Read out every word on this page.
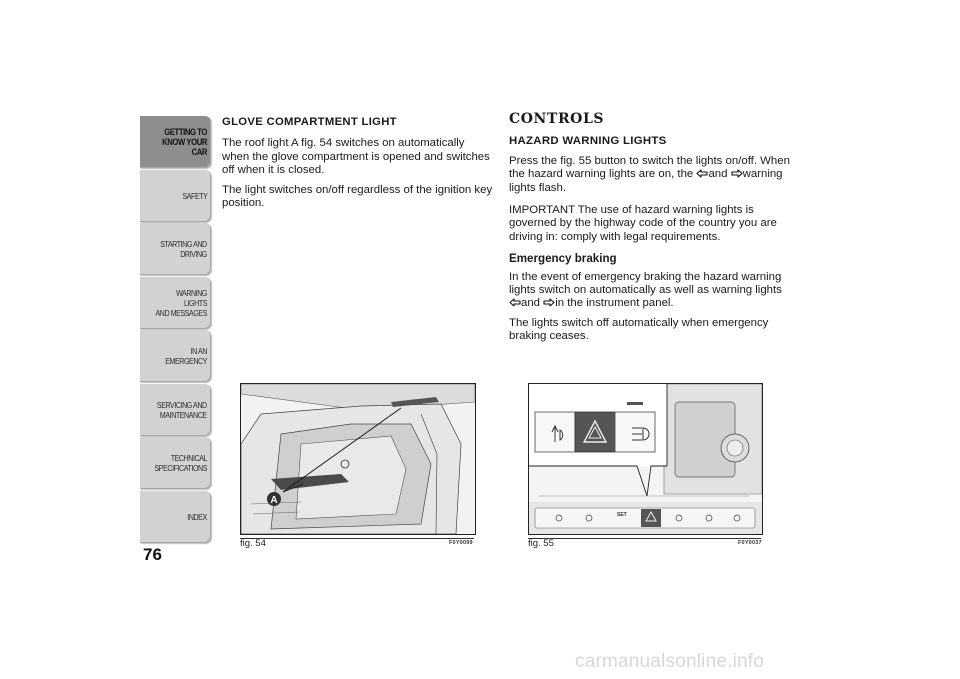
GETTING TO
KNOW YOUR CAR
SAFETY
STARTING AND
DRIVING
WARNING LIGHTS
AND MESSAGES
IN AN EMERGENCY
SERVICING AND
MAINTENANCE
TECHNICAL
SPECIFICATIONS
INDEX
76
GLOVE COMPARTMENT LIGHT

The roof light A fig. 54 switches on automatically when the glove compartment is opened and switches off when it is closed.

The light switches on/off regardless of the ignition key position.

CONTROLS
HAZARD WARNING LIGHTS

Press the fig. 55 button to switch the lights on/off. When the hazard warning lights are on, the and warning lights flash.

IMPORTANT The use of hazard warning lights is governed by the highway code of the country you are driving in: comply with legal requirements.

Emergency braking

In the event of emergency braking the hazard warning lights switch on automatically as well as warning lights and in the instrument panel.

The lights switch off automatically when emergency braking ceases.

A
fig. 54	F0Y0099
SET
fig. 55	F0Y0037
carmanualsonline.info
